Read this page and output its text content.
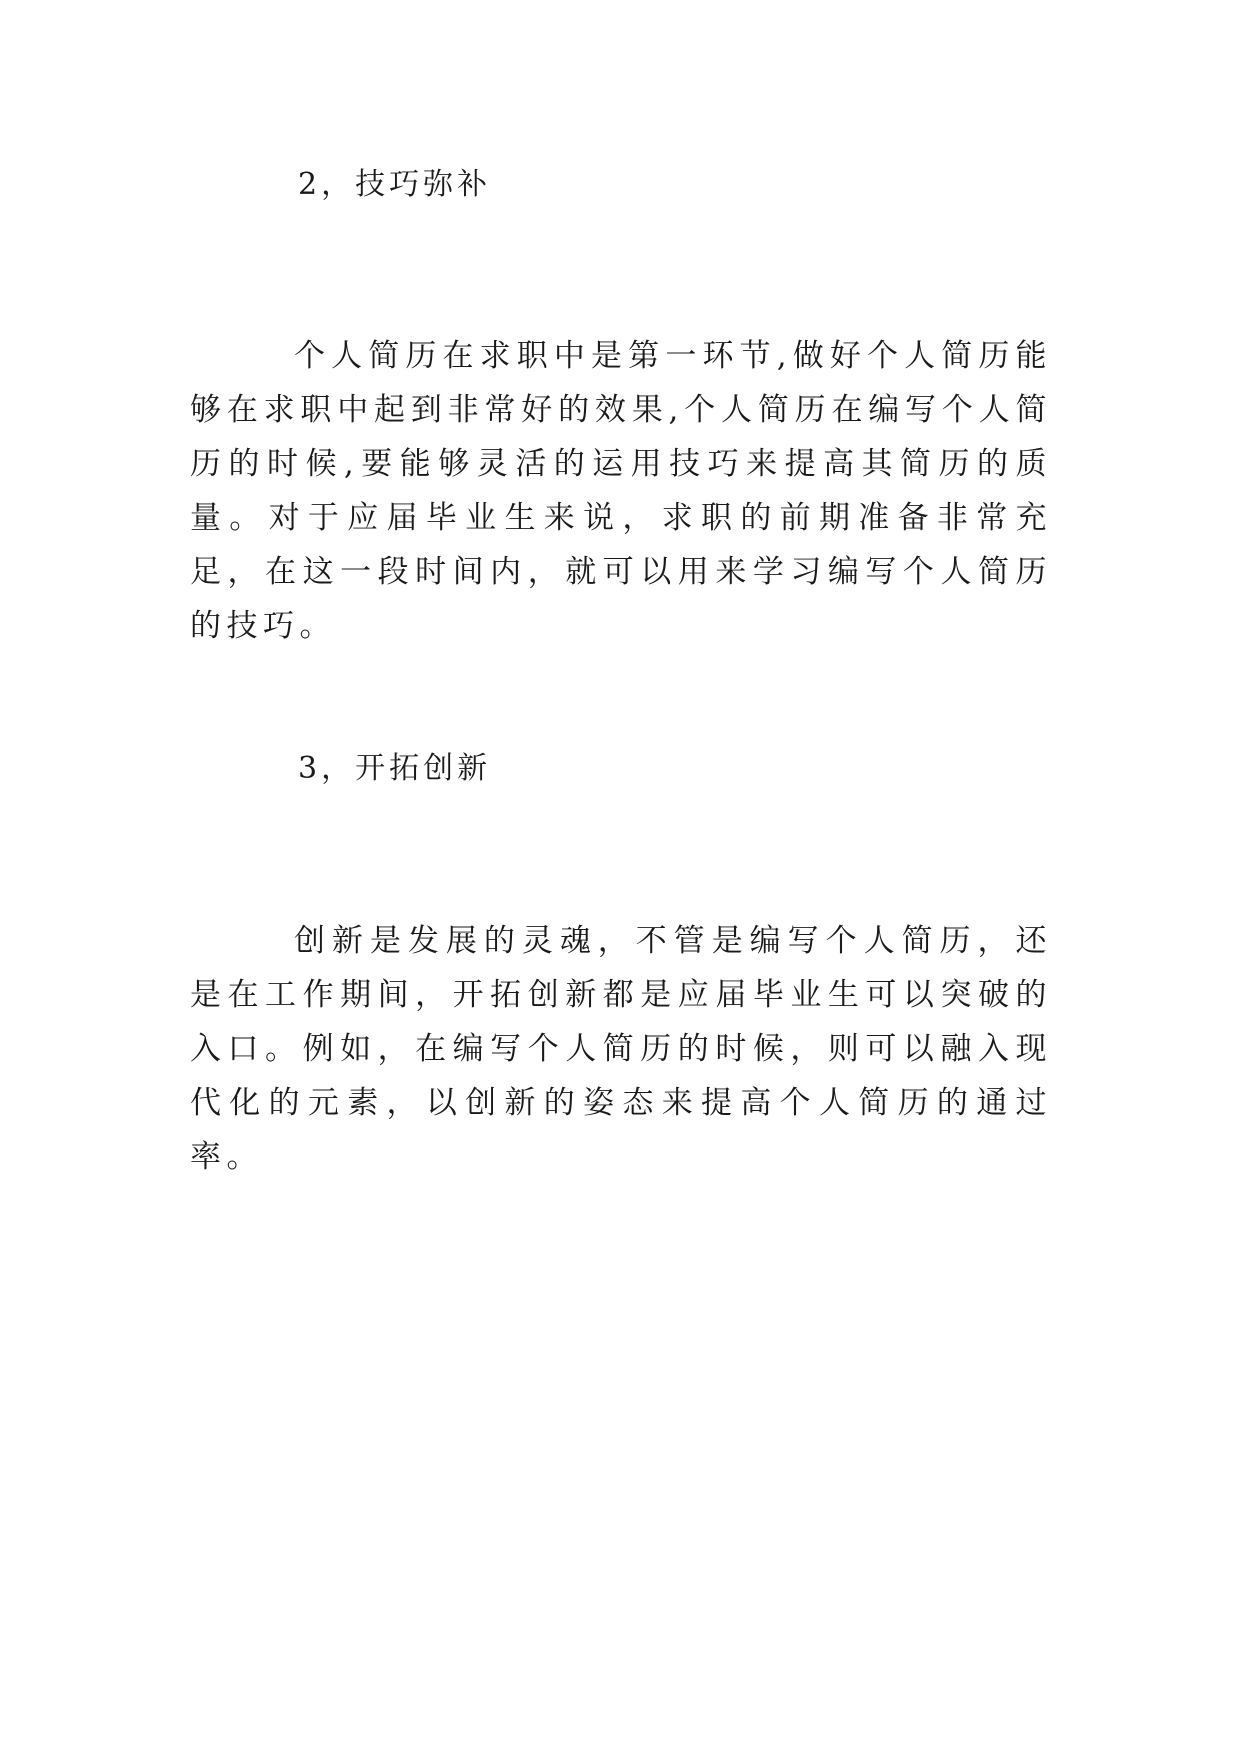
2，技巧弥补
个人简历在求职中是第一环节,做好个人简历能够在求职中起到非常好的效果,个人简历在编写个人简历的时候,要能够灵活的运用技巧来提高其简历的质量。对于应届毕业生来说，求职的前期准备非常充足，在这一段时间内，就可以用来学习编写个人简历的技巧。
3，开拓创新
创新是发展的灵魂，不管是编写个人简历，还是在工作期间，开拓创新都是应届毕业生可以突破的入口。例如，在编写个人简历的时候，则可以融入现代化的元素，以创新的姿态来提高个人简历的通过率。
